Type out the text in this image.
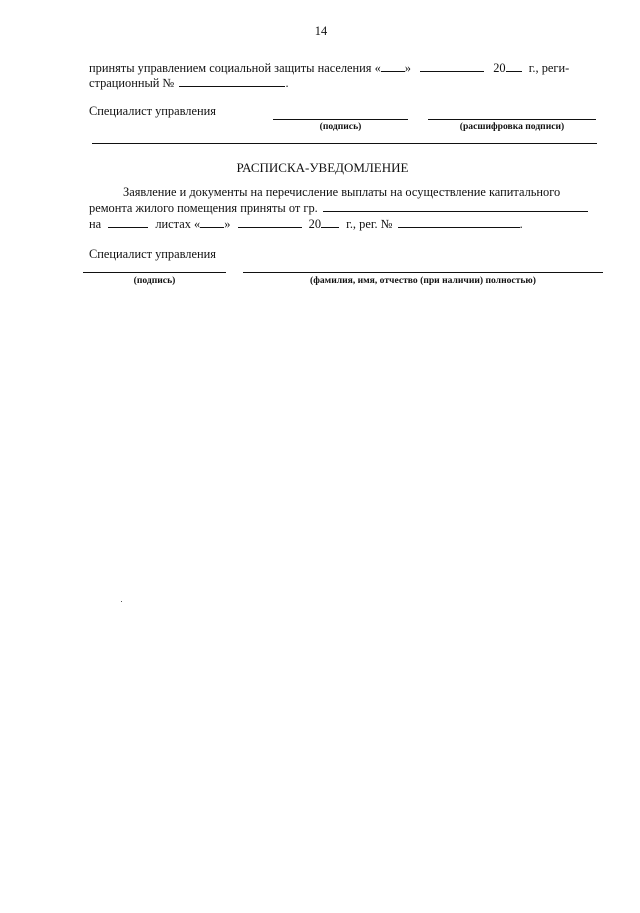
14
приняты управлением социальной защиты населения « »	20 г., реги-
страционный №	.
Специалист управления
(подпись)	(расшифровка подписи)
РАСПИСКА-УВЕДОМЛЕНИЕ
Заявление и документы на перечисление выплаты на осуществление капитального
ремонта жилого помещения приняты от гр.
на	листах « »	20 г., рег. №	.
Специалист управления
(подпись)	(фамилия, имя, отчество (при наличии) полностью)
